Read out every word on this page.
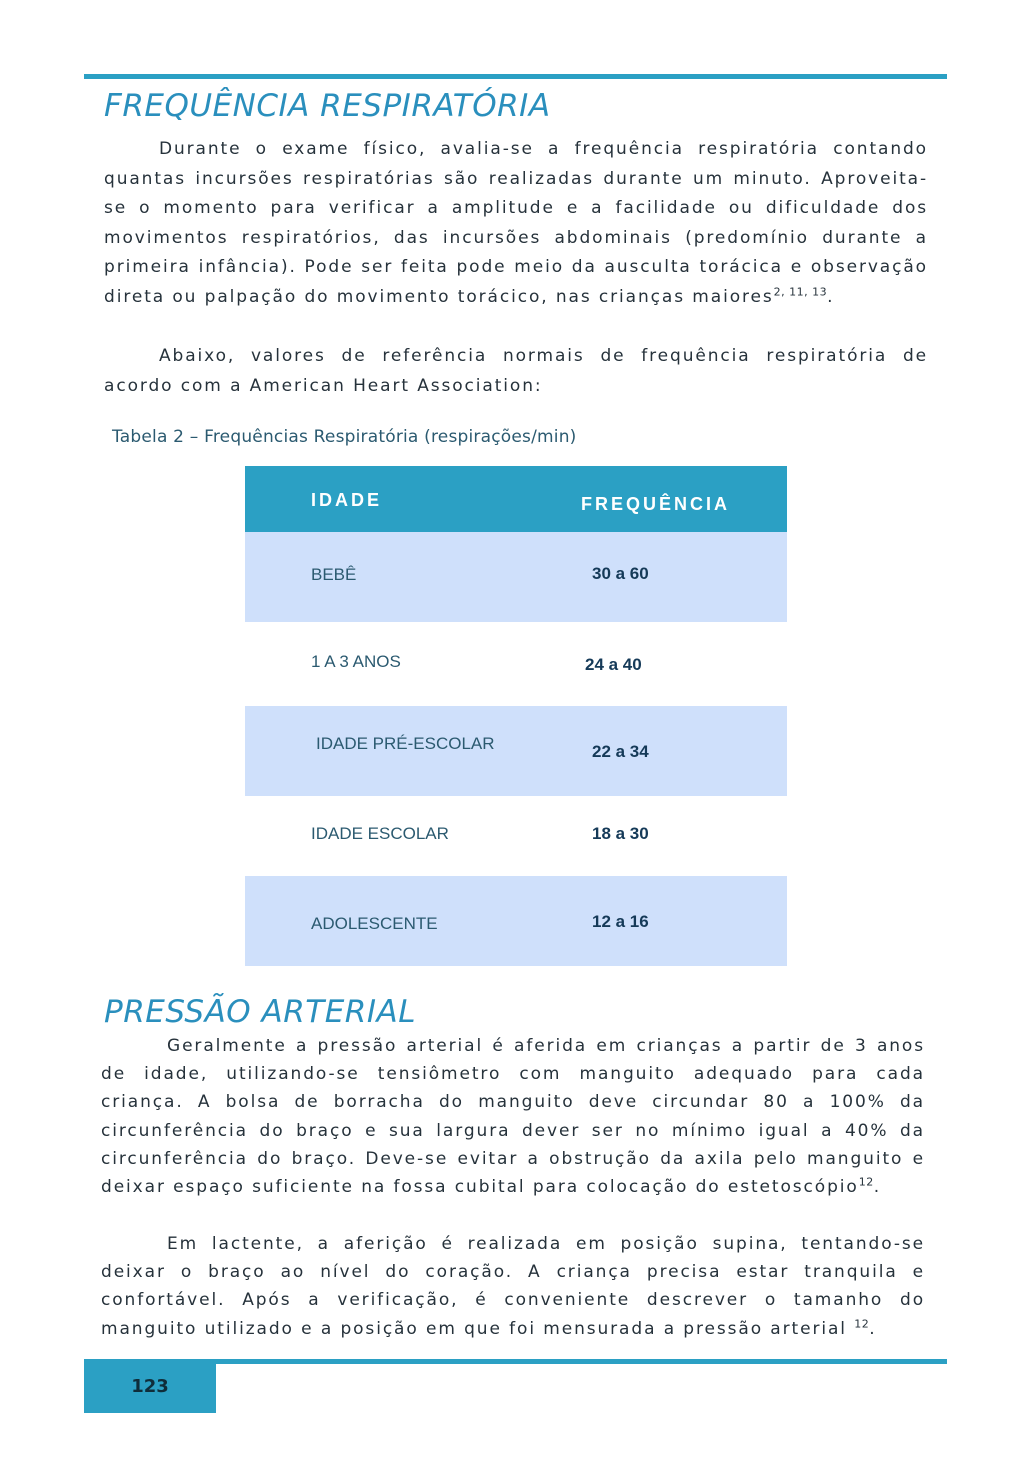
FREQUÊNCIA RESPIRATÓRIA

Durante o exame físico, avalia-se a frequência respiratória contando quantas incursões respiratórias são realizadas durante um minuto. Aproveita-se o momento para verificar a amplitude e a facilidade ou dificuldade dos movimentos respiratórios, das incursões abdominais (predomínio durante a primeira infância). Pode ser feita pode meio da ausculta torácica e observação direta ou palpação do movimento torácico, nas crianças maiores$^{2, 11, 13}$.

Abaixo, valores de referência normais de frequência respiratória de acordo com a American Heart Association:

Tabela 2 – Frequências Respiratória (respirações/min)

IDADE	FREQUÊNCIA
BEBÊ	30 a 60
1 A 3 ANOS	24 a 40
IDADE PRÉ-ESCOLAR	22 a 34
IDADE ESCOLAR	18 a 30
ADOLESCENTE	12 a 16
PRESSÃO ARTERIAL

Geralmente a pressão arterial é aferida em crianças a partir de 3 anos de idade, utilizando-se tensiômetro com manguito adequado para cada criança. A bolsa de borracha do manguito deve circundar 80 a 100% da circunferência do braço e sua largura dever ser no mínimo igual a 40% da circunferência do braço. Deve-se evitar a obstrução da axila pelo manguito e deixar espaço suficiente na fossa cubital para colocação do estetoscópio$^{12}$.

Em lactente, a aferição é realizada em posição supina, tentando-se deixar o braço ao nível do coração. A criança precisa estar tranquila e confortável. Após a verificação, é conveniente descrever o tamanho do manguito utilizado e a posição em que foi mensurada a pressão arterial $^{12}$.

123
